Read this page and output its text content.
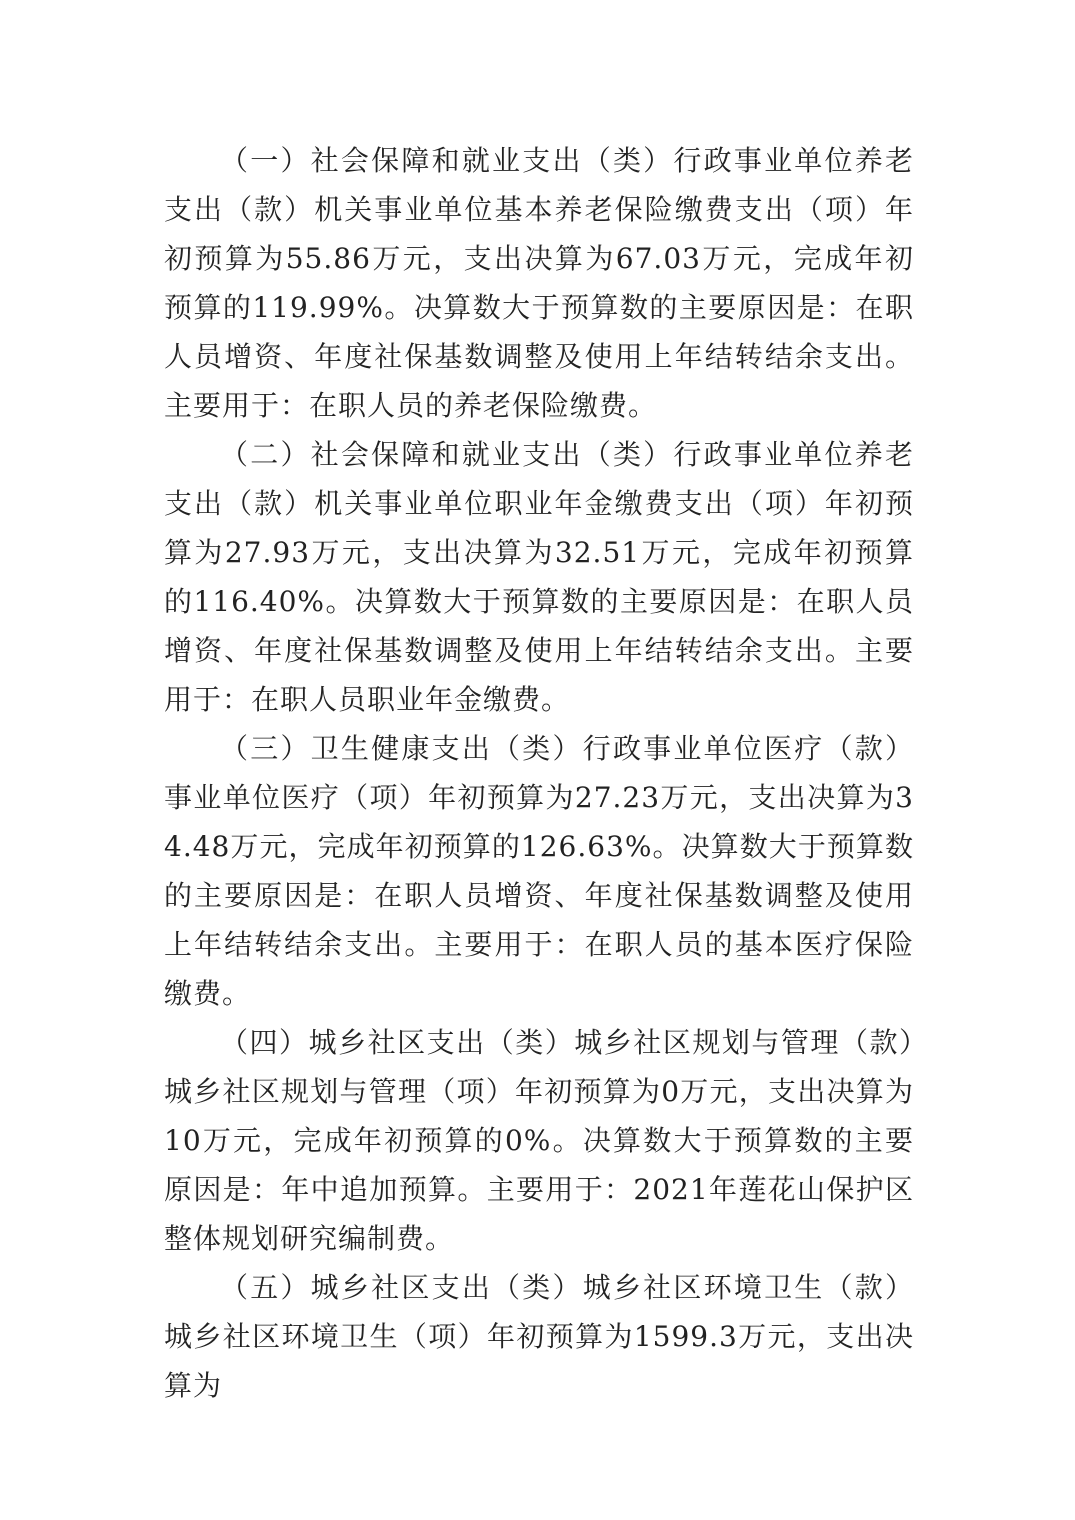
（一）社会保障和就业支出（类）行政事业单位养老支出（款）机关事业单位基本养老保险缴费支出（项）年初预算为55.86万元，支出决算为67.03万元，完成年初预算的119.99%。决算数大于预算数的主要原因是：在职人员增资、年度社保基数调整及使用上年结转结余支出。主要用于：在职人员的养老保险缴费。

（二）社会保障和就业支出（类）行政事业单位养老支出（款）机关事业单位职业年金缴费支出（项）年初预算为27.93万元，支出决算为32.51万元，完成年初预算的116.40%。决算数大于预算数的主要原因是：在职人员增资、年度社保基数调整及使用上年结转结余支出。主要用于：在职人员职业年金缴费。

（三）卫生健康支出（类）行政事业单位医疗（款）事业单位医疗（项）年初预算为27.23万元，支出决算为34.48万元，完成年初预算的126.63%。决算数大于预算数的主要原因是：在职人员增资、年度社保基数调整及使用上年结转结余支出。主要用于：在职人员的基本医疗保险缴费。

（四）城乡社区支出（类）城乡社区规划与管理（款）城乡社区规划与管理（项）年初预算为0万元，支出决算为10万元，完成年初预算的0%。决算数大于预算数的主要原因是：年中追加预算。主要用于：2021年莲花山保护区整体规划研究编制费。

（五）城乡社区支出（类）城乡社区环境卫生（款）城乡社区环境卫生（项）年初预算为1599.3万元，支出决算为
